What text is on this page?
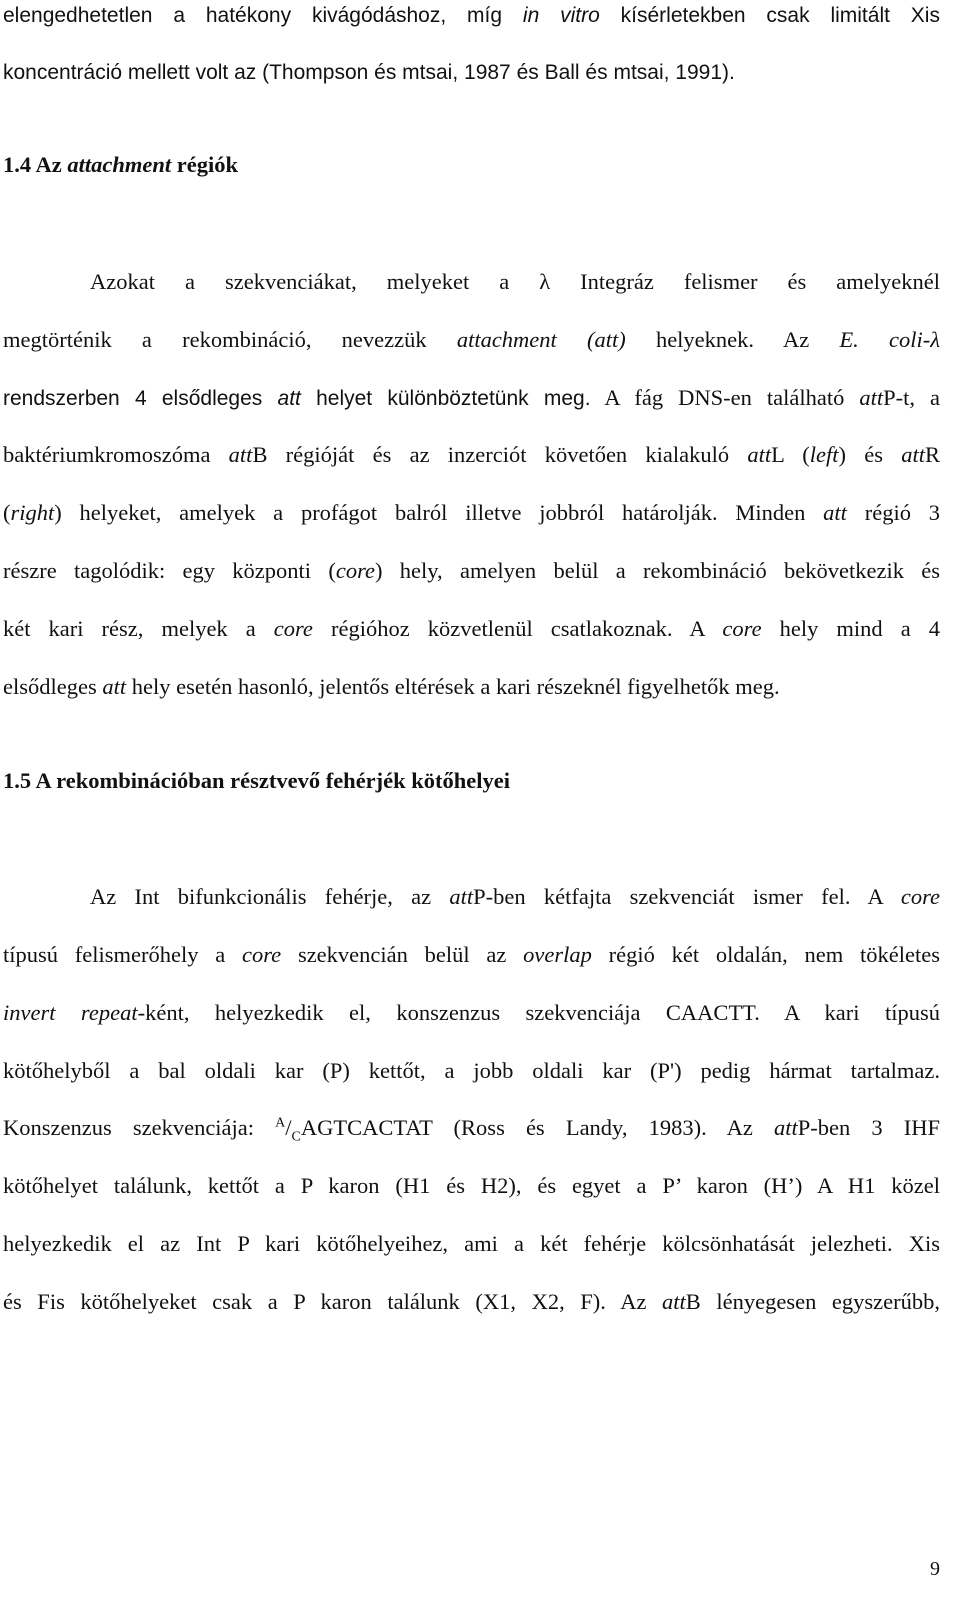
elengedhetetlen a hatékony kivágódáshoz, míg in vitro kísérletekben csak limitált Xis
koncentráció mellett volt az (Thompson és mtsai, 1987 és Ball és mtsai, 1991).
1.4 Az attachment régiók
Azokat a szekvenciákat, melyeket a λ Integráz felismer és amelyeknél
megtörténik a rekombináció, nevezzük attachment (att) helyeknek. Az E. coli-λ
rendszerben 4 elsődleges att helyet különböztetünk meg. A fág DNS-en található attP-t, a
baktériumkromoszóma attB régióját és az inzerciót követően kialakuló attL (left) és attR
(right) helyeket, amelyek a profágot balról illetve jobbról határolják. Minden att régió 3
részre tagolódik: egy központi (core) hely, amelyen belül a rekombináció bekövetkezik és
két kari rész, melyek a core régióhoz közvetlenül csatlakoznak. A core hely mind a 4
elsődleges att hely esetén hasonló, jelentős eltérések a kari részeknél figyelhetők meg.
1.5 A rekombinációban résztvevő fehérjék kötőhelyei
Az Int bifunkcionális fehérje, az attP-ben kétfajta szekvenciát ismer fel. A core
típusú felismerőhely a core szekvencián belül az overlap régió két oldalán, nem tökéletes
invert repeat-ként, helyezkedik el, konszenzus szekvenciája CAACTT. A kari típusú
kötőhelyből a bal oldali kar (P) kettőt, a jobb oldali kar (P') pedig hármat tartalmaz.
Konszenzus szekvenciája: $^A/_CAGTCACTAT$ (Ross és Landy, 1983). Az attP-ben 3 IHF
kötőhelyet találunk, kettőt a P karon (H1 és H2), és egyet a P’ karon (H’) A H1 közel
helyezkedik el az Int P kari kötőhelyeihez, ami a két fehérje kölcsönhatását jelezheti. Xis
és Fis kötőhelyeket csak a P karon találunk (X1, X2, F). Az attB lényegesen egyszerűbb,
9
